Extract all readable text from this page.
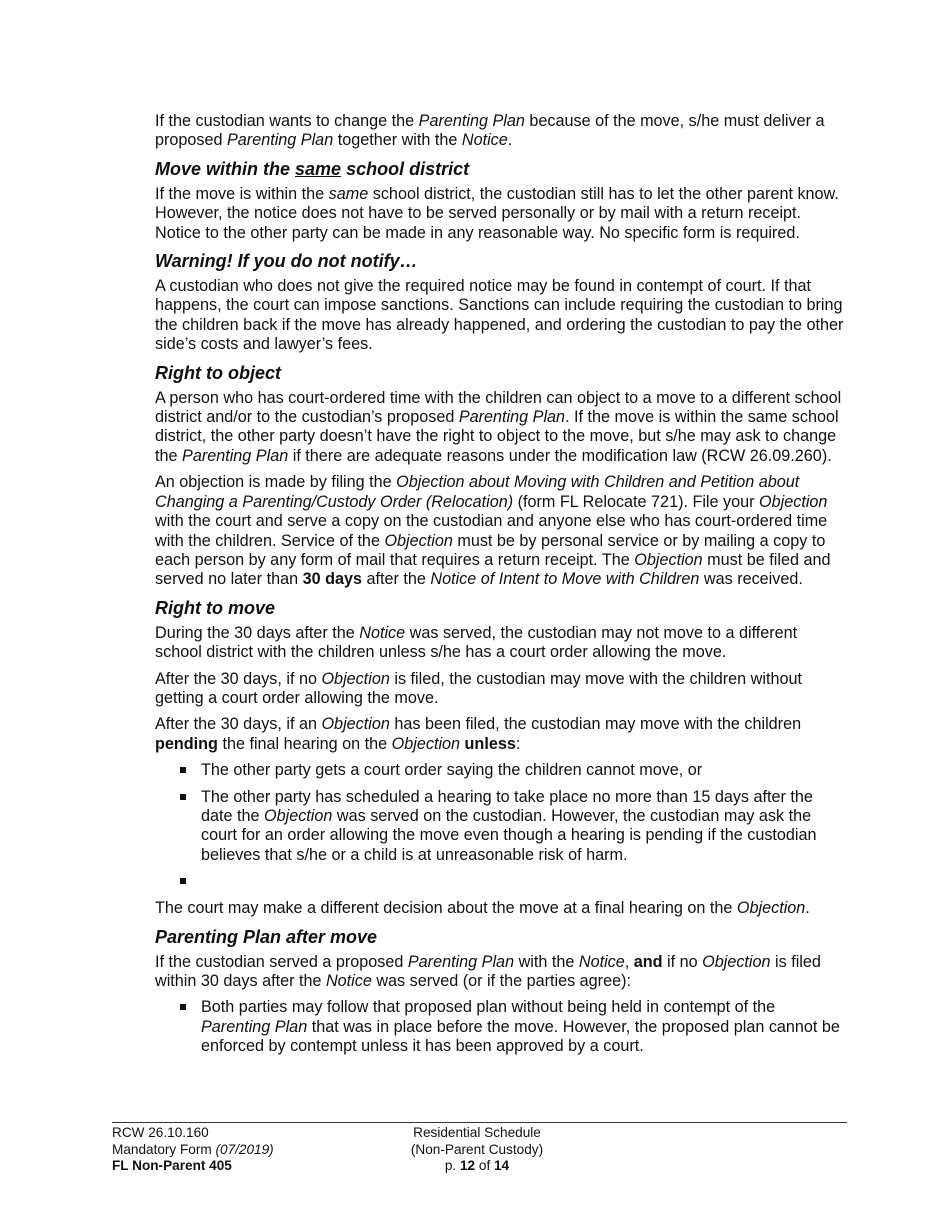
If the custodian wants to change the Parenting Plan because of the move, s/he must deliver a proposed Parenting Plan together with the Notice.

Move within the same school district

If the move is within the same school district, the custodian still has to let the other parent know. However, the notice does not have to be served personally or by mail with a return receipt. Notice to the other party can be made in any reasonable way. No specific form is required.

Warning! If you do not notify…

A custodian who does not give the required notice may be found in contempt of court. If that happens, the court can impose sanctions. Sanctions can include requiring the custodian to bring the children back if the move has already happened, and ordering the custodian to pay the other side’s costs and lawyer’s fees.

Right to object

A person who has court-ordered time with the children can object to a move to a different school district and/or to the custodian’s proposed Parenting Plan. If the move is within the same school district, the other party doesn’t have the right to object to the move, but s/he may ask to change the Parenting Plan if there are adequate reasons under the modification law (RCW 26.09.260).

An objection is made by filing the Objection about Moving with Children and Petition about Changing a Parenting/Custody Order (Relocation) (form FL Relocate 721). File your Objection with the court and serve a copy on the custodian and anyone else who has court-ordered time with the children. Service of the Objection must be by personal service or by mailing a copy to each person by any form of mail that requires a return receipt. The Objection must be filed and served no later than 30 days after the Notice of Intent to Move with Children was received.

Right to move

During the 30 days after the Notice was served, the custodian may not move to a different school district with the children unless s/he has a court order allowing the move.

After the 30 days, if no Objection is filed, the custodian may move with the children without getting a court order allowing the move.

After the 30 days, if an Objection has been filed, the custodian may move with the children pending the final hearing on the Objection unless:

The other party gets a court order saying the children cannot move, or
The other party has scheduled a hearing to take place no more than 15 days after the date the Objection was served on the custodian. However, the custodian may ask the court for an order allowing the move even though a hearing is pending if the custodian believes that s/he or a child is at unreasonable risk of harm.

The court may make a different decision about the move at a final hearing on the Objection.

Parenting Plan after move

If the custodian served a proposed Parenting Plan with the Notice, and if no Objection is filed within 30 days after the Notice was served (or if the parties agree):

Both parties may follow that proposed plan without being held in contempt of the Parenting Plan that was in place before the move. However, the proposed plan cannot be enforced by contempt unless it has been approved by a court.
RCW 26.10.160
Mandatory Form (07/2019)
FL Non-Parent 405
Residential Schedule
(Non-Parent Custody)
p. 12 of 14
